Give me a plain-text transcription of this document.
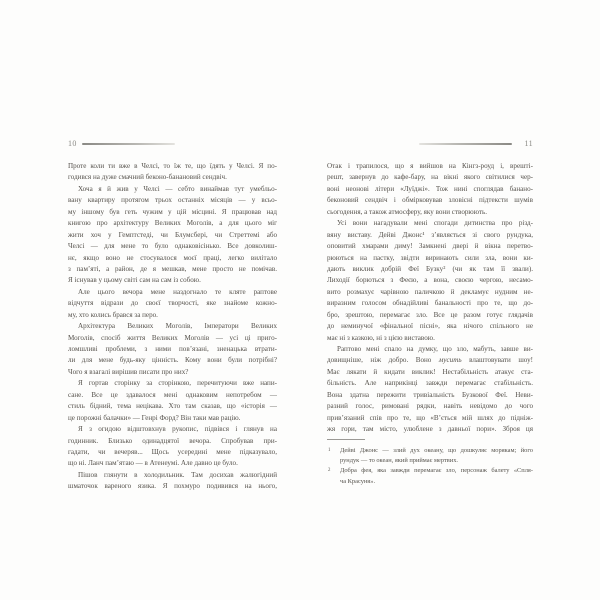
10
Проте коли ти вже в Челсі, то їж те, що їдять у Челсі. Я по-
годився на дуже смачний беконо-банановий сендвіч.
Хоча я й жив у Челсі — себто винаймав тут умебльо-
вану квартиру протягом трьох останніх місяців — у всьо-
му іншому був геть чужим у цій місцині. Я працював над
книгою про архітектуру Великих Моголів, а для цього міг
жити хоч у Гемптстеді, чи Блумсбері, чи Стреттемі або
Челсі — для мене то було однаковісінько. Все довколиш-
нє, якщо воно не стосувалося моєї праці, легко вилітало
з пам’яті, а район, де я мешкав, мене просто не помічав.
Я існував у цьому світі сам на сам із собою.
Але цього вечора мене наздогнало те кляте раптове
відчуття відрази до своєї творчості, яке знайоме кожно-
му, хто колись брався за перо.
Архітектура Великих Моголів, Імператори Великих
Моголів, спосіб життя Великих Моголів — усі ці приго-
ломшливі проблеми, з ними пов’язані, зненацька втрати-
ли для мене будь-яку цінність. Кому вони були потрібні?
Чого я взагалі вирішив писати про них?
Я гортав сторінку за сторінкою, перечитуючи вже напи-
сане. Все це здавалося мені однаковим непотребом —
стиль бідний, тема нецікава. Хто там сказав, що «історія —
це порожні балачки» — Генрі Форд? Він таки мав рацію.
Я з огидою відштовхнув рукопис, підвівся і глянув на
годинник. Близько одинадцятої вечора. Спробував при-
гадати, чи вечеряв... Щось усередині мене підказувало,
що ні. Ланч пам’ятаю — в Атенеумі. Але давно це було.
Пішов глянути в холодильник. Там досихав жалюгідний
шматочок вареного язика. Я похмуро подивився на нього,
11
Отак і трапилося, що я вийшов на Кінгз-роуд і, врешті-
решт, завернув до кафе-бару, на вікні якого світилися чер-
воні неонові літери «Луїджі». Тож нині споглядав банано-
беконовий сендвіч і обмірковував зловісні підтексти шумів
сьогодення, а також атмосферу, яку вони створюють.
Усі вони нагадували мені спогади дитинства про різд-
вяну виставу. Дейві Джонс¹ з’являється зі свого рундука,
оповитий хмарами диму! Замкнені двері й вікна перетво-
рюються на пастку, звідти виринають сили зла, вони ки-
дають виклик добрій Феї Бузку² (чи як там її звали).
Лиходії борються з Феєю, а вона, своєю чергою, несамо-
вито розмахує чарівною паличкою й декламує нудним не-
виразним голосом обнадійливі банальності про те, що до-
бро, зрештою, перемагає зло. Все це разом готує глядачів
до неминучої «фінальної пісні», яка нічого спільного не
має ні з казкою, ні з цією виставою.
Раптово мені спало на думку, що зло, мабуть, завше ви-
довищніше, ніж добро. Воно мусить влаштовувати шоу!
Має лякати й кидати виклик! Нестабільність атакує ста-
більність. Але наприкінці завжди перемагає стабільність.
Вона здатна пережити тривіальність Бузкової Феї. Неви-
разний голос, римовані рядки, навіть невідомо до чого
прив’язаний спів про те, що «В’ється мій шлях до підніж-
жя гори, там місто, улюблене з давньої пори». Зброя ця
1 Дейві Джонс — злий дух океану, що дошкуляє морякам; його
рундук — то океан, який приймає мертвих.
2 Добра фея, яка завжди перемагає зло, персонаж балету «Спля-
ча Красуня».
